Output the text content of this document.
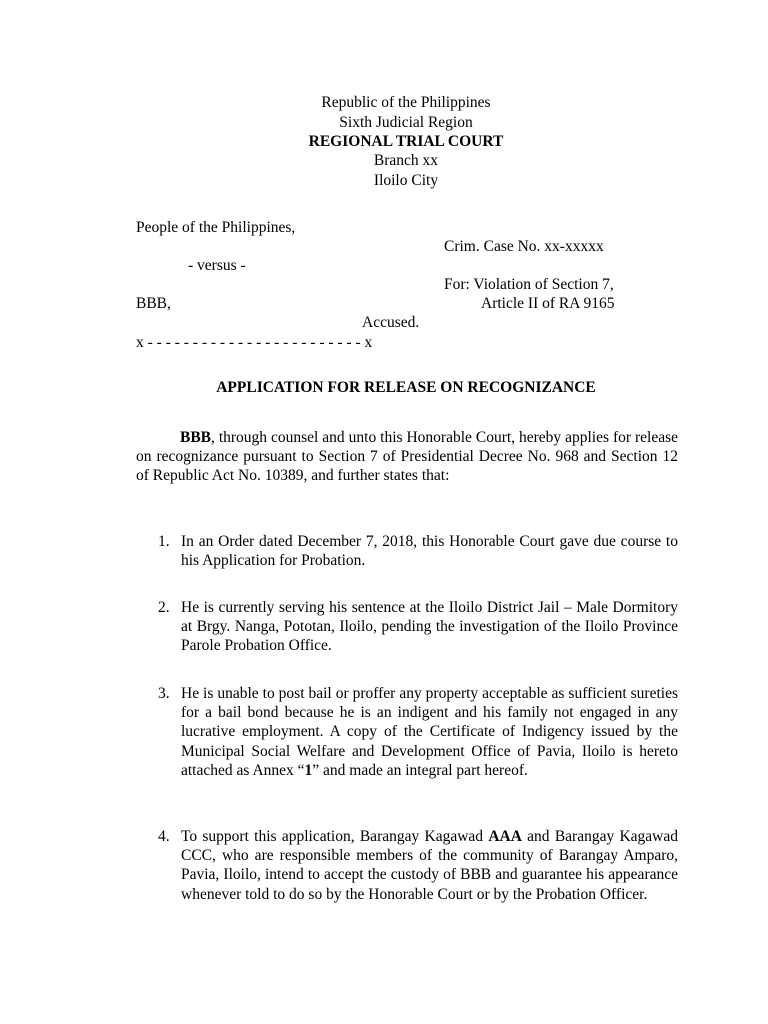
Republic of the Philippines
Sixth Judicial Region
REGIONAL TRIAL COURT
Branch xx
Iloilo City
People of the Philippines,
Crim. Case No. xx-xxxxx
- versus -
For: Violation of Section 7,
BBB,	Article II of RA 9165
Accused.
x - - - - - - - - - - - - - - - - - - - - - - - - x
APPLICATION FOR RELEASE ON RECOGNIZANCE
BBB, through counsel and unto this Honorable Court, hereby applies for release on recognizance pursuant to Section 7 of Presidential Decree No. 968 and Section 12 of Republic Act No. 10389, and further states that:
1. In an Order dated December 7, 2018, this Honorable Court gave due course to his Application for Probation.
2. He is currently serving his sentence at the Iloilo District Jail – Male Dormitory at Brgy. Nanga, Pototan, Iloilo, pending the investigation of the Iloilo Province Parole Probation Office.
3. He is unable to post bail or proffer any property acceptable as sufficient sureties for a bail bond because he is an indigent and his family not engaged in any lucrative employment. A copy of the Certificate of Indigency issued by the Municipal Social Welfare and Development Office of Pavia, Iloilo is hereto attached as Annex “1” and made an integral part hereof.
4. To support this application, Barangay Kagawad AAA and Barangay Kagawad CCC, who are responsible members of the community of Barangay Amparo, Pavia, Iloilo, intend to accept the custody of BBB and guarantee his appearance whenever told to do so by the Honorable Court or by the Probation Officer.
